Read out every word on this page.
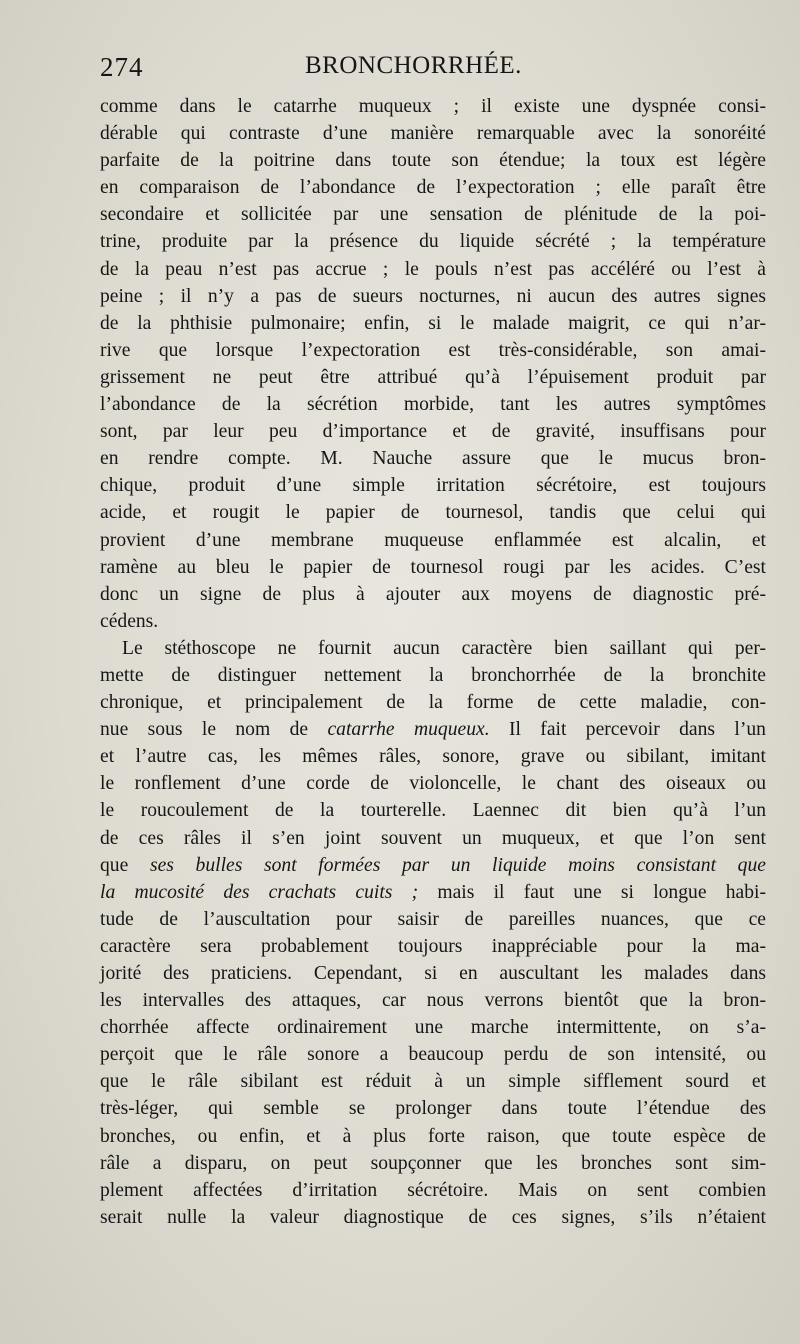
274	BRONCHORRHÉE.
comme dans le catarrhe muqueux ; il existe une dyspnée consi-
dérable qui contraste d’une manière remarquable avec la sonoréité
parfaite de la poitrine dans toute son étendue; la toux est légère
en comparaison de l’abondance de l’expectoration ; elle paraît être
secondaire et sollicitée par une sensation de plénitude de la poi-
trine, produite par la présence du liquide sécrété ; la température
de la peau n’est pas accrue ; le pouls n’est pas accéléré ou l’est à
peine ; il n’y a pas de sueurs nocturnes, ni aucun des autres signes
de la phthisie pulmonaire; enfin, si le malade maigrit, ce qui n’ar-
rive que lorsque l’expectoration est très-considérable, son amai-
grissement ne peut être attribué qu’à l’épuisement produit par
l’abondance de la sécrétion morbide, tant les autres symptômes
sont, par leur peu d’importance et de gravité, insuffisans pour
en rendre compte. M. Nauche assure que le mucus bron-
chique, produit d’une simple irritation sécrétoire, est toujours
acide, et rougit le papier de tournesol, tandis que celui qui
provient d’une membrane muqueuse enflammée est alcalin, et
ramène au bleu le papier de tournesol rougi par les acides. C’est
donc un signe de plus à ajouter aux moyens de diagnostic pré-
cédens.
Le stéthoscope ne fournit aucun caractère bien saillant qui per-
mette de distinguer nettement la bronchorrhée de la bronchite
chronique, et principalement de la forme de cette maladie, con-
nue sous le nom de catarrhe muqueux. Il fait percevoir dans l’un
et l’autre cas, les mêmes râles, sonore, grave ou sibilant, imitant
le ronflement d’une corde de violoncelle, le chant des oiseaux ou
le roucoulement de la tourterelle. Laennec dit bien qu’à l’un
de ces râles il s’en joint souvent un muqueux, et que l’on sent
que ses bulles sont formées par un liquide moins consistant que
la mucosité des crachats cuits ; mais il faut une si longue habi-
tude de l’auscultation pour saisir de pareilles nuances, que ce
caractère sera probablement toujours inappréciable pour la ma-
jorité des praticiens. Cependant, si en auscultant les malades dans
les intervalles des attaques, car nous verrons bientôt que la bron-
chorrhée affecte ordinairement une marche intermittente, on s’a-
perçoit que le râle sonore a beaucoup perdu de son intensité, ou
que le râle sibilant est réduit à un simple sifflement sourd et
très-léger, qui semble se prolonger dans toute l’étendue des
bronches, ou enfin, et à plus forte raison, que toute espèce de
râle a disparu, on peut soupçonner que les bronches sont sim-
plement affectées d’irritation sécrétoire. Mais on sent combien
serait nulle la valeur diagnostique de ces signes, s’ils n’étaient
